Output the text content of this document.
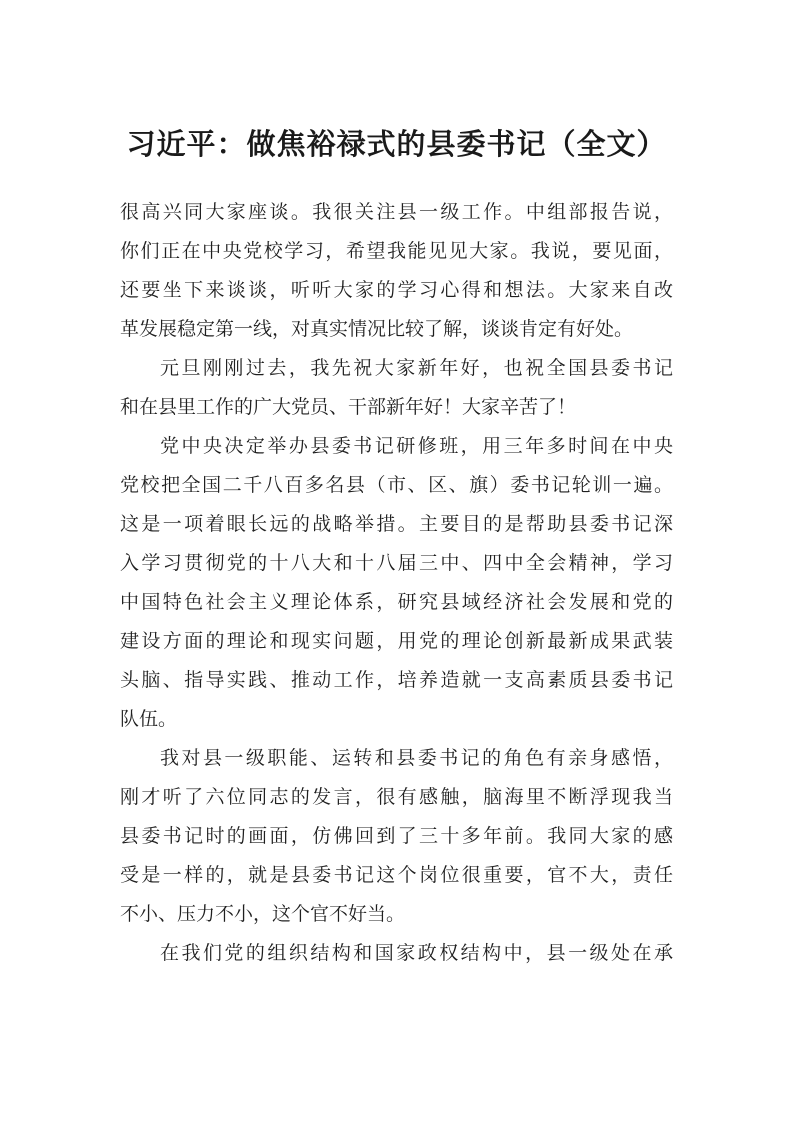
习近平：做焦裕禄式的县委书记（全文）
很高兴同大家座谈。我很关注县一级工作。中组部报告说，
你们正在中央党校学习，希望我能见见大家。我说，要见面，
还要坐下来谈谈，听听大家的学习心得和想法。大家来自改
革发展稳定第一线，对真实情况比较了解，谈谈肯定有好处。
元旦刚刚过去，我先祝大家新年好，也祝全国县委书记
和在县里工作的广大党员、干部新年好！大家辛苦了！
党中央决定举办县委书记研修班，用三年多时间在中央
党校把全国二千八百多名县（市、区、旗）委书记轮训一遍。
这是一项着眼长远的战略举措。主要目的是帮助县委书记深
入学习贯彻党的十八大和十八届三中、四中全会精神，学习
中国特色社会主义理论体系，研究县域经济社会发展和党的
建设方面的理论和现实问题，用党的理论创新最新成果武装
头脑、指导实践、推动工作，培养造就一支高素质县委书记
队伍。
我对县一级职能、运转和县委书记的角色有亲身感悟，
刚才听了六位同志的发言，很有感触，脑海里不断浮现我当
县委书记时的画面，仿佛回到了三十多年前。我同大家的感
受是一样的，就是县委书记这个岗位很重要，官不大，责任
不小、压力不小，这个官不好当。
在我们党的组织结构和国家政权结构中，县一级处在承
